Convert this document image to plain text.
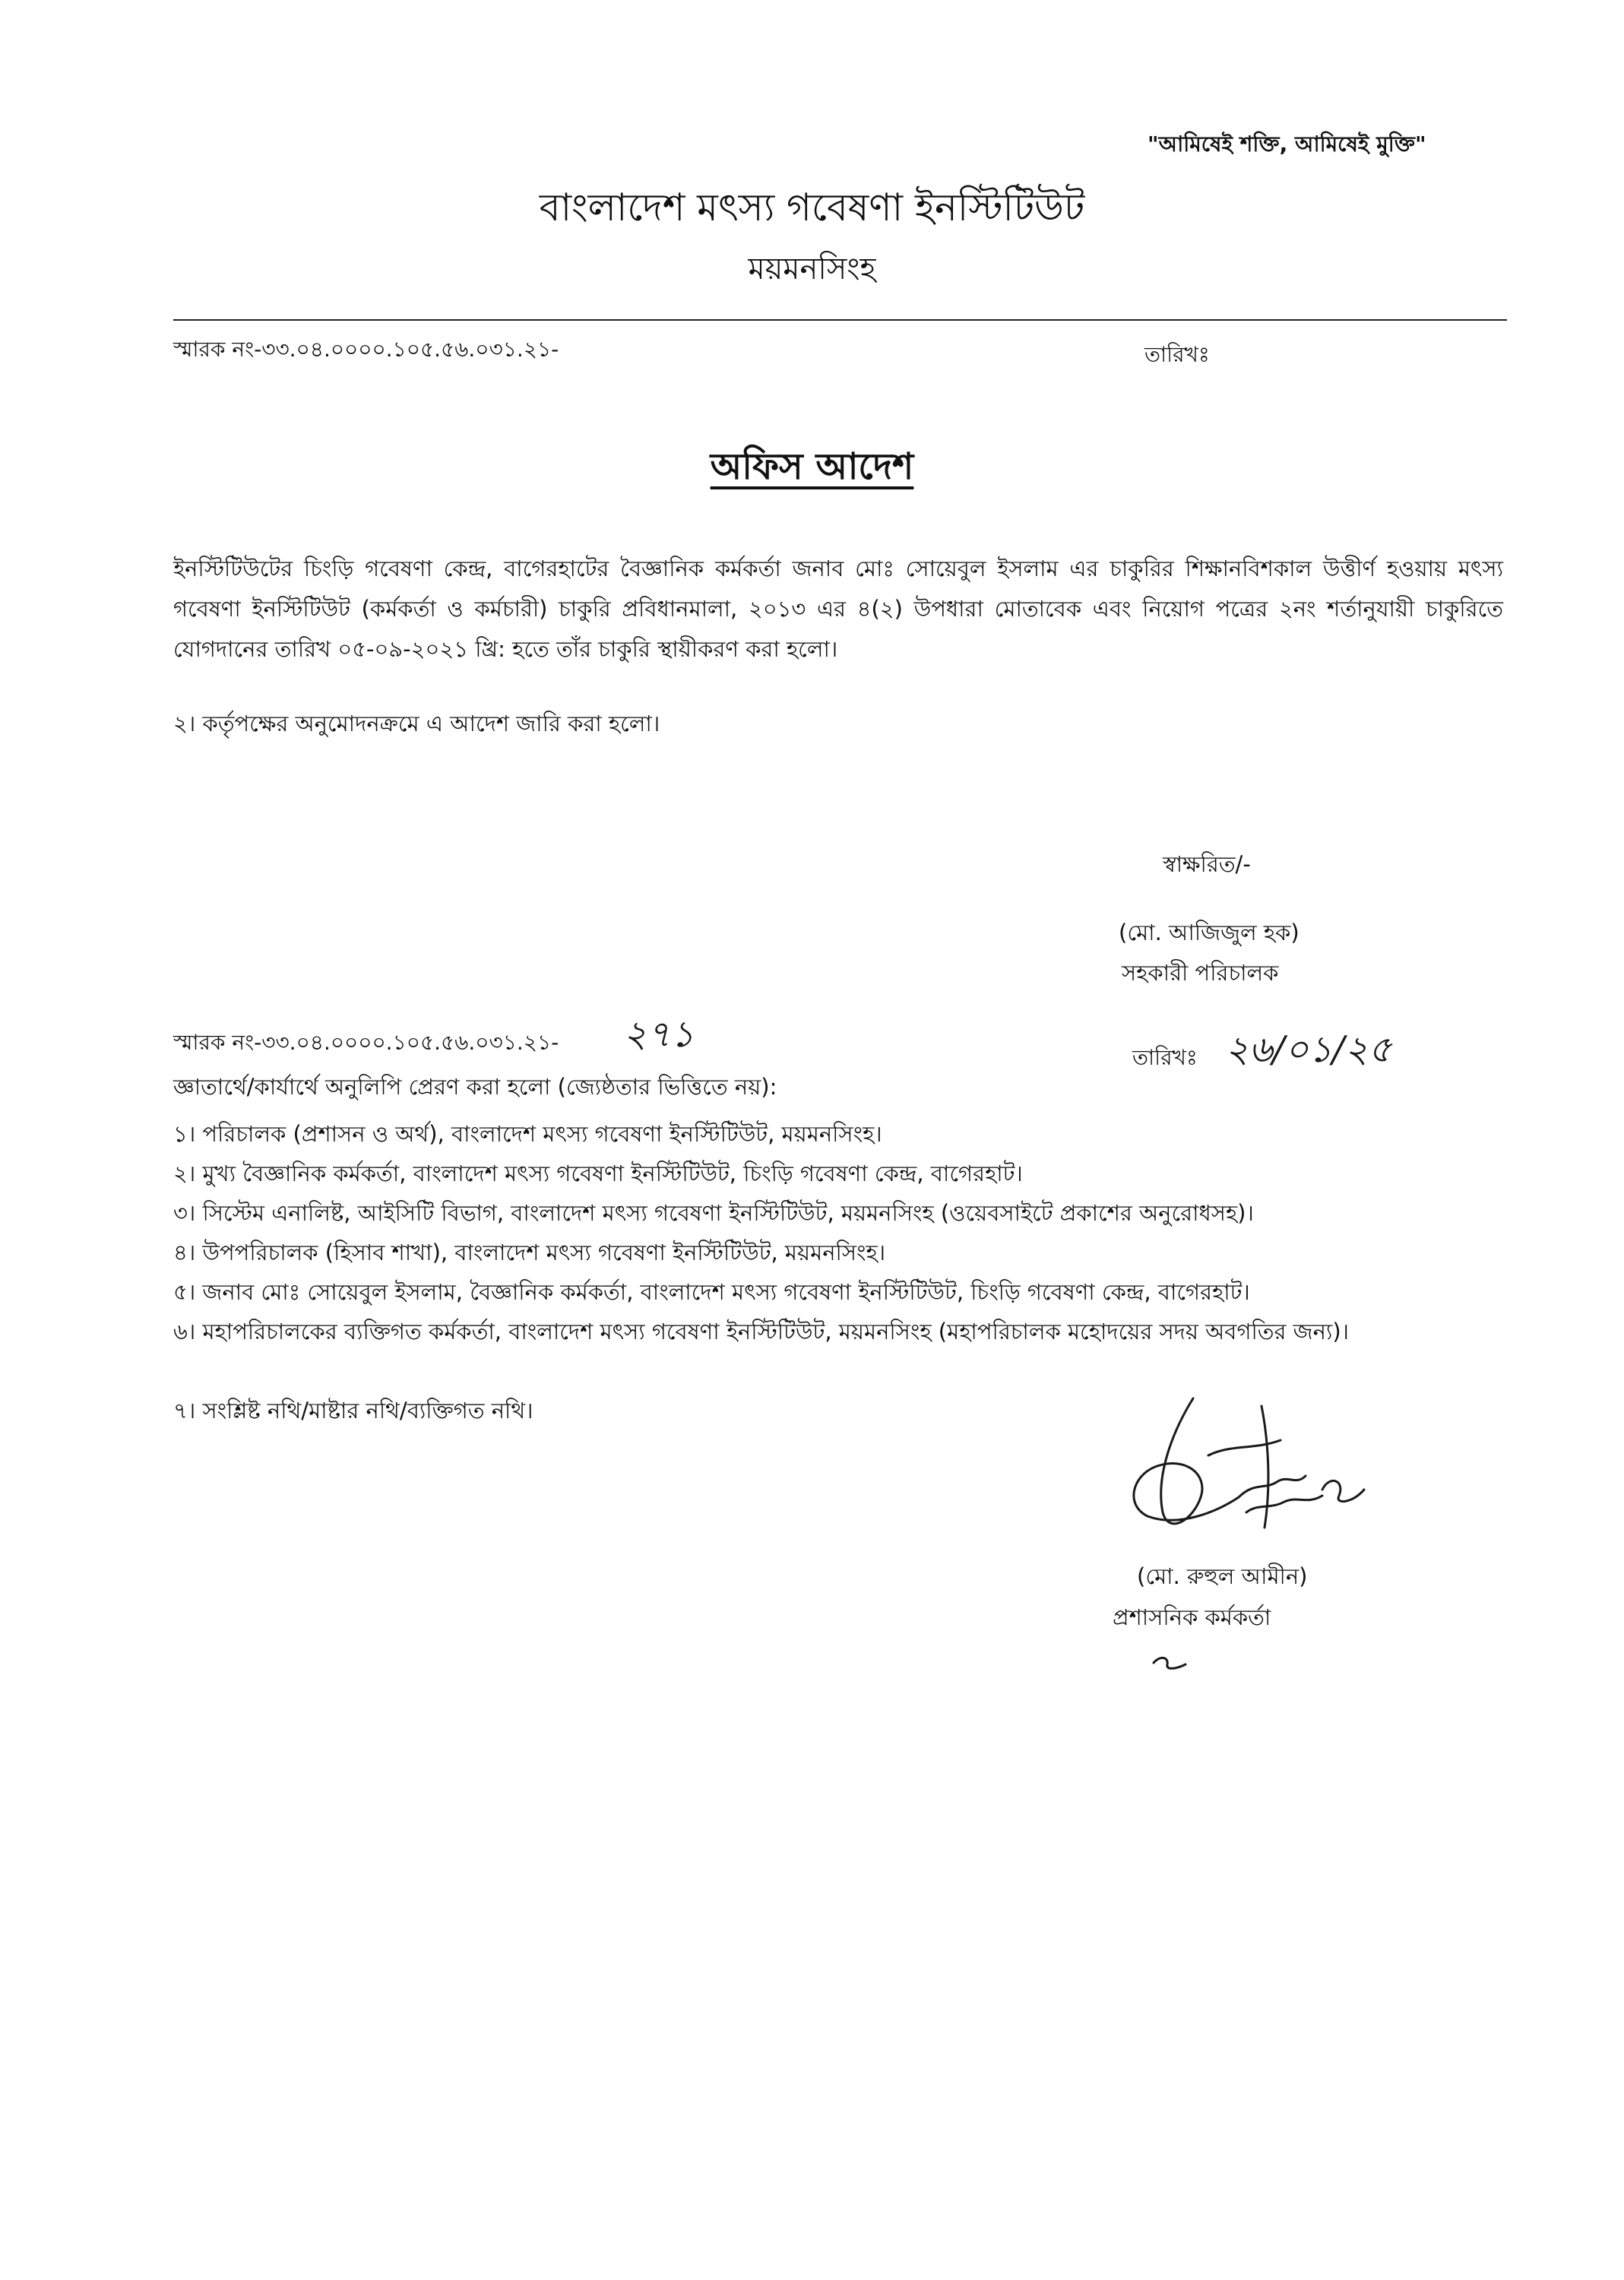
"আমিষেই শক্তি, আমিষেই মুক্তি"
বাংলাদেশ মৎস্য গবেষণা ইনস্টিটিউট
ময়মনসিংহ
স্মারক নং-৩৩.০৪.০০০০.১০৫.৫৬.০৩১.২১-	তারিখঃ
অফিস আদেশ
ইনস্টিটিউটের চিংড়ি গবেষণা কেন্দ্র, বাগেরহাটের বৈজ্ঞানিক কর্মকর্তা জনাব মোঃ সোয়েবুল ইসলাম এর চাকুরির শিক্ষানবিশকাল উত্তীর্ণ হওয়ায় মৎস্য গবেষণা ইনস্টিটিউট (কর্মকর্তা ও কর্মচারী) চাকুরি প্রবিধানমালা, ২০১৩ এর ৪(২) উপধারা মোতাবেক এবং নিয়োগ পত্রের ২নং শর্তানুযায়ী চাকুরিতে যোগদানের তারিখ ০৫-০৯-২০২১ খ্রি: হতে তাঁর চাকুরি স্থায়ীকরণ করা হলো।
২। কর্তৃপক্ষের অনুমোদনক্রমে এ আদেশ জারি করা হলো।
স্বাক্ষরিত/-
(মো. আজিজুল হক)
সহকারী পরিচালক
স্মারক নং-৩৩.০৪.০০০০.১০৫.৫৬.০৩১.২১- ২৭১
তারিখঃ ২৬/০১/২৫
জ্ঞাতার্থে/কার্যার্থে অনুলিপি প্রেরণ করা হলো (জ্যেষ্ঠতার ভিত্তিতে নয়):
১। পরিচালক (প্রশাসন ও অর্থ), বাংলাদেশ মৎস্য গবেষণা ইনস্টিটিউট, ময়মনসিংহ।
২। মুখ্য বৈজ্ঞানিক কর্মকর্তা, বাংলাদেশ মৎস্য গবেষণা ইনস্টিটিউট, চিংড়ি গবেষণা কেন্দ্র, বাগেরহাট।
৩। সিস্টেম এনালিষ্ট, আইসিটি বিভাগ, বাংলাদেশ মৎস্য গবেষণা ইনস্টিটিউট, ময়মনসিংহ (ওয়েবসাইটে প্রকাশের অনুরোধসহ)।
৪। উপপরিচালক (হিসাব শাখা), বাংলাদেশ মৎস্য গবেষণা ইনস্টিটিউট, ময়মনসিংহ।
৫। জনাব মোঃ সোয়েবুল ইসলাম, বৈজ্ঞানিক কর্মকর্তা, বাংলাদেশ মৎস্য গবেষণা ইনস্টিটিউট, চিংড়ি গবেষণা কেন্দ্র, বাগেরহাট।
৬। মহাপরিচালকের ব্যক্তিগত কর্মকর্তা, বাংলাদেশ মৎস্য গবেষণা ইনস্টিটিউট, ময়মনসিংহ (মহাপরিচালক মহোদয়ের সদয় অবগতির জন্য)।
৭। সংশ্লিষ্ট নথি/মাষ্টার নথি/ব্যক্তিগত নথি।
(মো. রুহুল আমীন)
প্রশাসনিক কর্মকর্তা
